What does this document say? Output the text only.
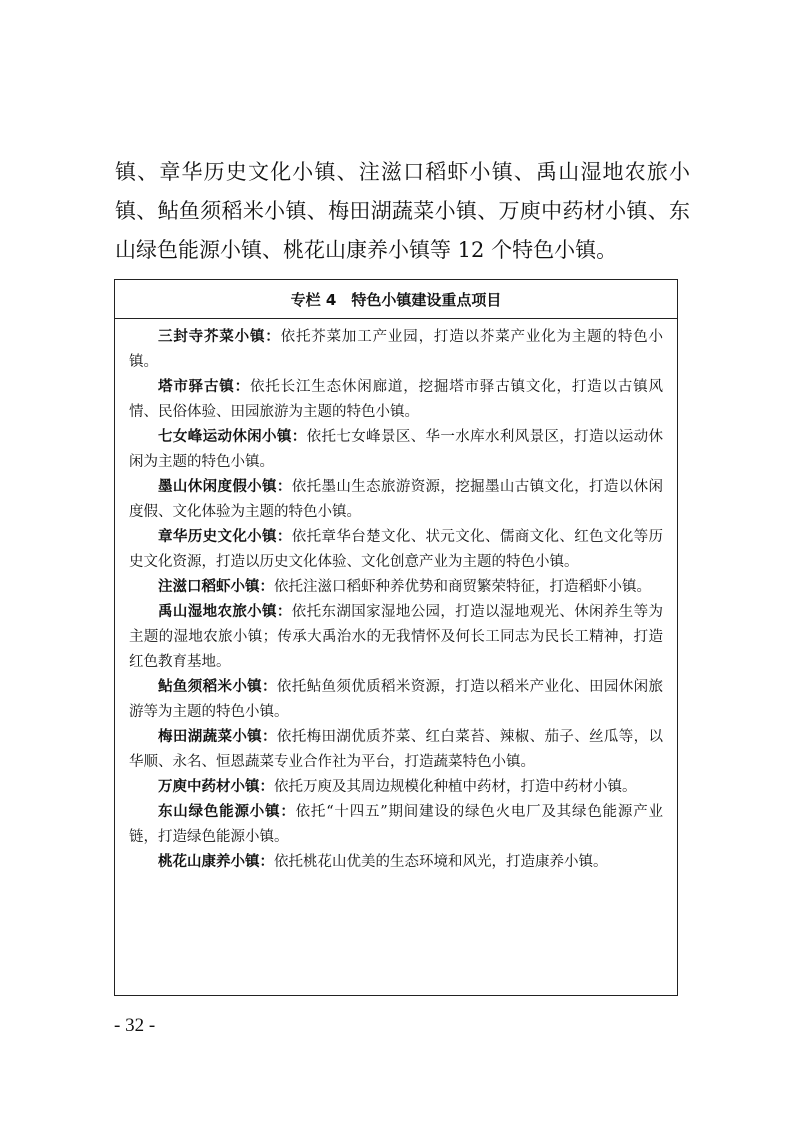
镇、章华历史文化小镇、注滋口稻虾小镇、禹山湿地农旅小镇、鲇鱼须稻米小镇、梅田湖蔬菜小镇、万庾中药材小镇、东山绿色能源小镇、桃花山康养小镇等 12 个特色小镇。

专栏 4　特色小镇建设重点项目

三封寺芥菜小镇：依托芥菜加工产业园，打造以芥菜产业化为主题的特色小镇。

塔市驿古镇：依托长江生态休闲廊道，挖掘塔市驿古镇文化，打造以古镇风情、民俗体验、田园旅游为主题的特色小镇。

七女峰运动休闲小镇：依托七女峰景区、华一水库水利风景区，打造以运动休闲为主题的特色小镇。

墨山休闲度假小镇：依托墨山生态旅游资源，挖掘墨山古镇文化，打造以休闲度假、文化体验为主题的特色小镇。

章华历史文化小镇：依托章华台楚文化、状元文化、儒商文化、红色文化等历史文化资源，打造以历史文化体验、文化创意产业为主题的特色小镇。

注滋口稻虾小镇：依托注滋口稻虾种养优势和商贸繁荣特征，打造稻虾小镇。

禹山湿地农旅小镇：依托东湖国家湿地公园，打造以湿地观光、休闲养生等为主题的湿地农旅小镇；传承大禹治水的无我情怀及何长工同志为民长工精神，打造红色教育基地。

鲇鱼须稻米小镇：依托鲇鱼须优质稻米资源，打造以稻米产业化、田园休闲旅游等为主题的特色小镇。

梅田湖蔬菜小镇：依托梅田湖优质芥菜、红白菜苔、辣椒、茄子、丝瓜等，以华顺、永名、恒恩蔬菜专业合作社为平台，打造蔬菜特色小镇。

万庾中药材小镇：依托万庾及其周边规模化种植中药材，打造中药材小镇。

东山绿色能源小镇：依托“十四五”期间建设的绿色火电厂及其绿色能源产业链，打造绿色能源小镇。

桃花山康养小镇：依托桃花山优美的生态环境和风光，打造康养小镇。

- 32 -
